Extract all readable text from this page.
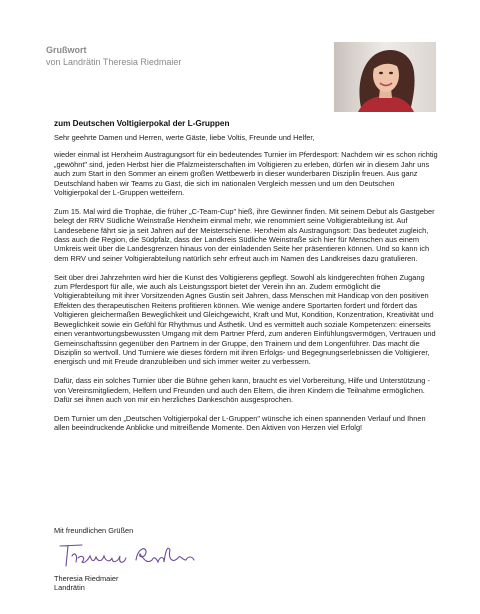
Grußwort
von Landrätin Theresia Riedmaier
zum Deutschen Voltigierpokal der L-Gruppen

Sehr geehrte Damen und Herren, werte Gäste, liebe Voltis, Freunde und Helfer,

wieder einmal ist Herxheim Austragungsort für ein bedeutendes Turnier im Pferdesport: Nachdem wir es schon richtig „gewöhnt" sind, jeden Herbst hier die Pfalzmeisterschaften im Voltigieren zu erleben, dürfen wir in diesem Jahr uns auch zum Start in den Sommer an einem großen Wettbewerb in dieser wunderbaren Disziplin freuen. Aus ganz Deutschland haben wir Teams zu Gast, die sich im nationalen Vergleich messen und um den Deutschen Voltigierpokal der L-Gruppen wetteifern.

Zum 15. Mal wird die Trophäe, die früher „C-Team-Cup" hieß, ihre Gewinner finden. Mit seinem Debut als Gastgeber belegt der RRV Südliche Weinstraße Herxheim einmal mehr, wie renommiert seine Voltigierabteilung ist. Auf Landesebene fährt sie ja seit Jahren auf der Meisterschiene. Herxheim als Austragungsort: Das bedeutet zugleich, dass auch die Region, die Südpfalz, dass der Landkreis Südliche Weinstraße sich hier für Menschen aus einem Umkreis weit über die Landesgrenzen hinaus von der einladenden Seite her präsentieren können. Und so kann ich dem RRV und seiner Voltigierabteilung natürlich sehr erfreut auch im Namen des Landkreises dazu gratulieren.

Seit über drei Jahrzehnten wird hier die Kunst des Voltigierens gepflegt. Sowohl als kindgerechten frühen Zugang zum Pferdesport für alle, wie auch als Leistungssport bietet der Verein ihn an. Zudem ermöglicht die Voltigierabteilung mit ihrer Vorsitzenden Agnes Gustin seit Jahren, dass Menschen mit Handicap von den positiven Effekten des therapeutischen Reitens profitieren können. Wie wenige andere Sportarten fordert und fördert das Voltigieren gleichermaßen Beweglichkeit und Gleichgewicht, Kraft und Mut, Kondition, Konzentration, Kreativität und Beweglichkeit sowie ein Gefühl für Rhythmus und Ästhetik. Und es vermittelt auch soziale Kompetenzen: einerseits einen verantwortungsbewussten Umgang mit dem Partner Pferd, zum anderen Einfühlungsvermögen, Vertrauen und Gemeinschaftssinn gegenüber den Partnern in der Gruppe, den Trainern und dem Longenführer. Das macht die Disziplin so wertvoll. Und Turniere wie dieses fördern mit ihren Erfolgs- und Begegnungserlebnissen die Voltigierer, energisch und mit Freude dranzubleiben und sich immer weiter zu verbessern.

Dafür, dass ein solches Turnier über die Bühne gehen kann, braucht es viel Vorbereitung, Hilfe und Unterstützung - von Vereinsmitgliedern, Helfern und Freunden und auch den Eltern, die ihren Kindern die Teilnahme ermöglichen. Dafür sei ihnen auch von mir ein herzliches Dankeschön ausgesprochen.

Dem Turnier um den „Deutschen Voltigierpokal der L-Gruppen" wünsche ich einen spannenden Verlauf und Ihnen allen beeindruckende Anblicke und mitreißende Momente. Den Aktiven von Herzen viel Erfolg!

Mit freundlichen Grüßen
Theresia Riedmaier
Landrätin
